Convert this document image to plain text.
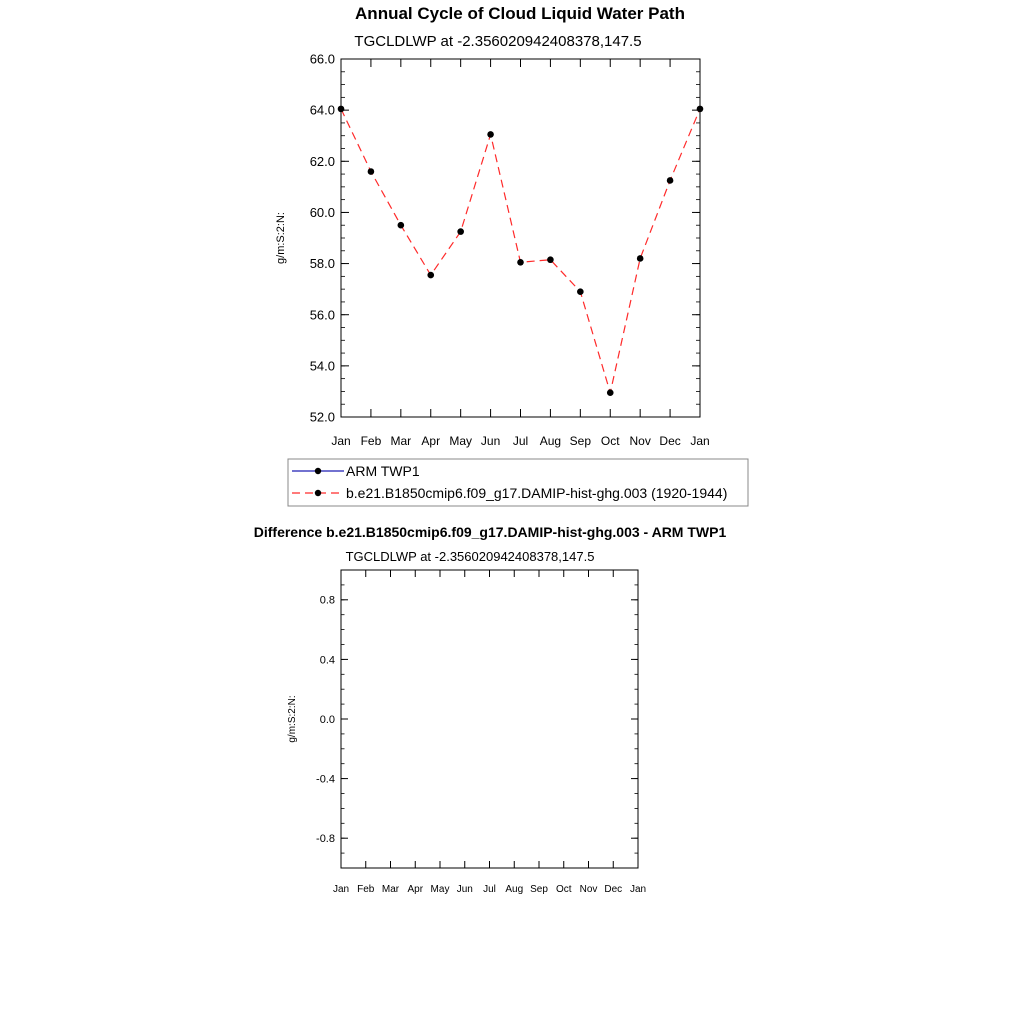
Annual Cycle of Cloud Liquid Water Path
TGCLDLWP at -2.356020942408378,147.5
Jan Feb Mar Apr May Jun Jul Aug Sep Oct Nov Dec Jan
52.0
54.0
56.0
58.0
60.0
62.0
64.0
66.0
g/m:S:2:N:
ARM TWP1
b.e21.B1850cmip6.f09_g17.DAMIP-hist-ghg.003 (1920-1944)
Difference b.e21.B1850cmip6.f09_g17.DAMIP-hist-ghg.003 - ARM TWP1
TGCLDLWP at -2.356020942408378,147.5
Jan Feb Mar Apr May Jun Jul Aug Sep Oct Nov Dec Jan
-0.8
-0.4
0.0
0.4
0.8
g/m:S:2:N:
